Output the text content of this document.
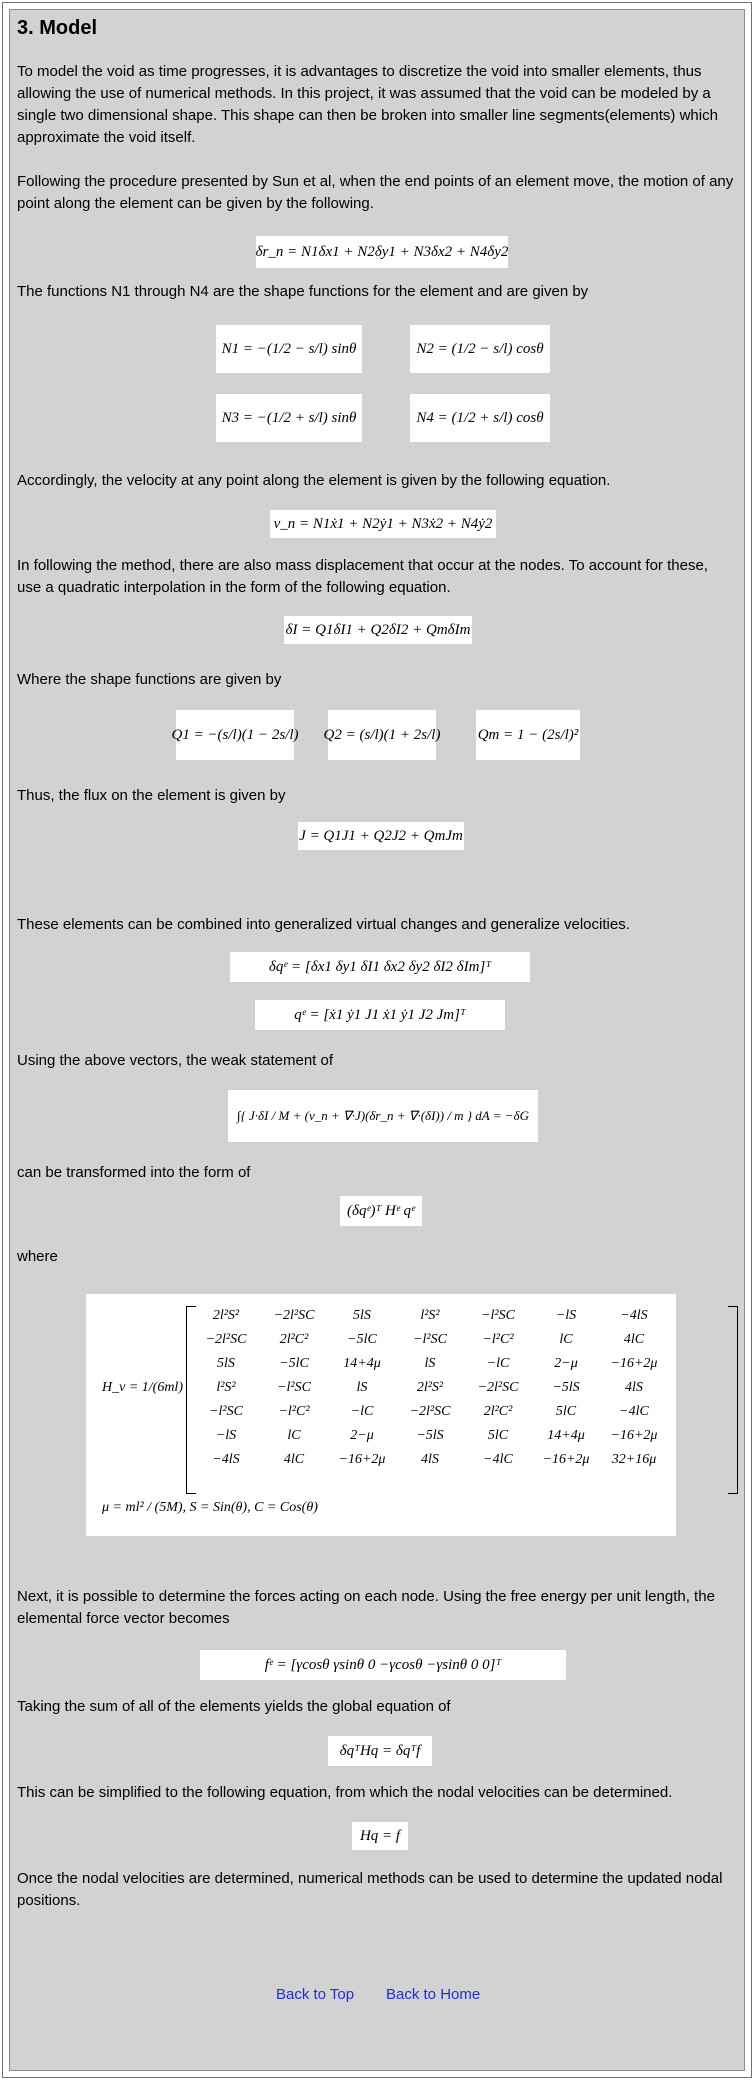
3. Model

To model the void as time progresses, it is advantages to discretize the void into smaller elements, thus allowing the use of numerical methods. In this project, it was assumed that the void can be modeled by a single two dimensional shape. This shape can then be broken into smaller line segments(elements) which approximate the void itself.

Following the procedure presented by Sun et al, when the end points of an element move, the motion of any point along the element can be given by the following.

δr_n = N1δx1 + N2δy1 + N3δx2 + N4δy2

The functions N1 through N4 are the shape functions for the element and are given by

N1 = −(1/2 − s/l) sinθ	N2 = (1/2 − s/l) cosθ
N3 = −(1/2 + s/l) sinθ	N4 = (1/2 + s/l) cosθ

Accordingly, the velocity at any point along the element is given by the following equation.

v_n = N1ẋ1 + N2ẏ1 + N3ẋ2 + N4ẏ2

In following the method, there are also mass displacement that occur at the nodes. To account for these, use a quadratic interpolation in the form of the following equation.

δI = Q1δI1 + Q2δI2 + QmδIm

Where the shape functions are given by

Q1 = −(s/l)(1 − 2s/l) Q2 = (s/l)(1 + 2s/l) Qm = 1 − (2s/l)²

Thus, the flux on the element is given by

J = Q1J1 + Q2J2 + QmJm

These elements can be combined into generalized virtual changes and generalize velocities.

δqᵉ = [δx1 δy1 δI1 δx2 δy2 δI2 δIm]ᵀ
qᵉ = [ẋ1 ẏ1 J1 ẋ1 ẏ1 J2 Jm]ᵀ

Using the above vectors, the weak statement of

∫{ J·δI / M + (v_n + ∇·J)(δr_n + ∇·(δI)) / m } dA = −δG

can be transformed into the form of

(δqᵉ)ᵀ Hᵉ qᵉ

where

H_v = 1/(6ml)
2l²S²	−2l²SC	5lS	l²S²	−l²SC	−lS	−4lS
−2l²SC	2l²C²	−5lC	−l²SC	−l²C²	lC	4lC
5lS	−5lC	14+4μ	lS	−lC	2−μ	−16+2μ
l²S²	−l²SC	lS	2l²S²	−2l²SC	−5lS	4lS
−l²SC	−l²C²	−lC	−2l²SC	2l²C²	5lC	−4lC
−lS	lC	2−μ	−5lS	5lC	14+4μ	−16+2μ
−4lS	4lC	−16+2μ	4lS	−4lC	−16+2μ	32+16μ
μ = ml² / (5M), S = Sin(θ), C = Cos(θ)

Next, it is possible to determine the forces acting on each node. Using the free energy per unit length, the elemental force vector becomes

fᵉ = [γcosθ γsinθ 0 −γcosθ −γsinθ 0 0]ᵀ

Taking the sum of all of the elements yields the global equation of

δqᵀHq = δqᵀf

This can be simplified to the following equation, from which the nodal velocities can be determined.

Hq = f

Once the nodal velocities are determined, numerical methods can be used to determine the updated nodal positions.

Back to Top Back to Home
